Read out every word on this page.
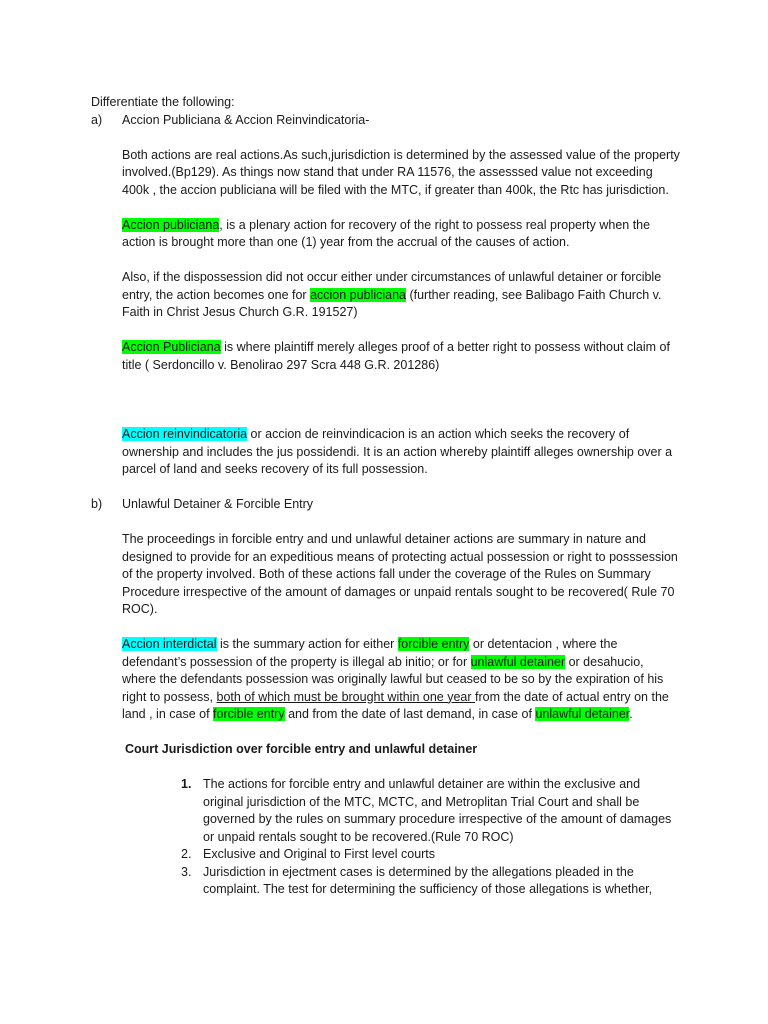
Differentiate the following:

a)	Accion Publiciana & Accion Reinvindicatoria-

Both actions are real actions.As such,jurisdiction is determined by the assessed value of the property involved.(Bp129). As things now stand that under RA 11576, the assesssed value not exceeding 400k , the accion publiciana will be filed with the MTC, if greater than 400k, the Rtc has jurisdiction.

Accion publiciana, is a plenary action for recovery of the right to possess real property when the action is brought more than one (1) year from the accrual of the causes of action.

Also, if the dispossession did not occur either under circumstances of unlawful detainer or forcible entry, the action becomes one for accion publiciana (further reading, see Balibago Faith Church v. Faith in Christ Jesus Church G.R. 191527)

Accion Publiciana is where plaintiff merely alleges proof of a better right to possess without claim of title ( Serdoncillo v. Benolirao 297 Scra 448 G.R. 201286)

Accion reinvindicatoria or accion de reinvindicacion is an action which seeks the recovery of ownership and includes the jus possidendi. It is an action whereby plaintiff alleges ownership over a parcel of land and seeks recovery of its full possession.

b)	Unlawful Detainer & Forcible Entry

The proceedings in forcible entry and und unlawful detainer actions are summary in nature and designed to provide for an expeditious means of protecting actual possession or right to posssession of the property involved. Both of these actions fall under the coverage of the Rules on Summary Procedure irrespective of the amount of damages or unpaid rentals sought to be recovered( Rule 70 ROC).

Accion interdictal is the summary action for either forcible entry or detentacion , where the defendant’s possession of the property is illegal ab initio; or for unlawful detainer or desahucio, where the defendants possession was originally lawful but ceased to be so by the expiration of his right to possess, both of which must be brought within one year from the date of actual entry on the land , in case of forcible entry and from the date of last demand, in case of unlawful detainer.

Court Jurisdiction over forcible entry and unlawful detainer

1. The actions for forcible entry and unlawful detainer are within the exclusive and original jurisdiction of the MTC, MCTC, and Metroplitan Trial Court and shall be governed by the rules on summary procedure irrespective of the amount of damages or unpaid rentals sought to be recovered.(Rule 70 ROC)
2. Exclusive and Original to First level courts
3. Jurisdiction in ejectment cases is determined by the allegations pleaded in the complaint. The test for determining the sufficiency of those allegations is whether,
